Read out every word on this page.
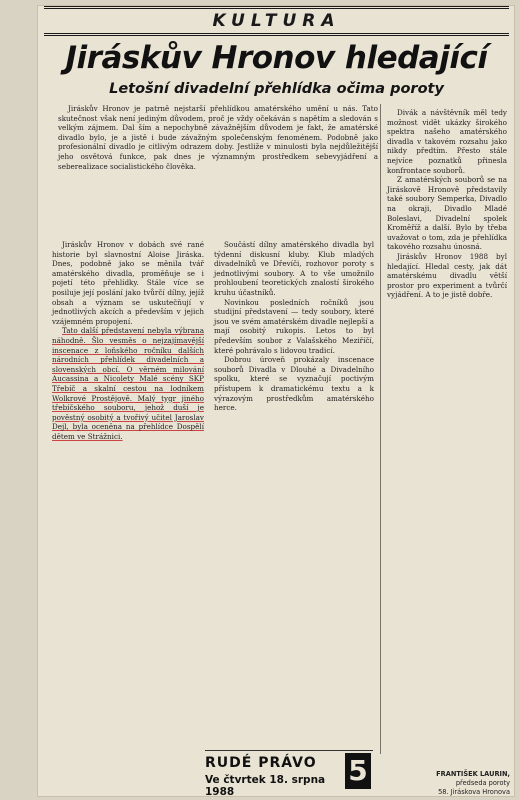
KULTURA
Jiráskův Hronov hledající
Letošní divadelní přehlídka očima poroty
Jiráskův Hronov je patrně nejstarší přehlídkou amatérského umění u nás. Tato skutečnost však není jediným důvodem, proč je vždy očekáván s napětím a sledován s velkým zájmem. Dal ším a nepochybně závažnějším důvodem je fakt, že amatérské divadlo bylo, je a jistě i bude závažným společenským fenoménem. Podobně jako profesionální divadlo je citlivým odrazem doby. Jestliže v minulosti byla nejdůležitější jeho osvětová funkce, pak dnes je významným prostředkem sebevyjádření a seberealizace socialistického člověka.

Jiráskův Hronov v dobách své rané historie byl slavnostní Aloise Jiráska. Dnes, podobně jako se měnila tvář amatérského divadla, proměňuje se i pojetí této přehlídky. Stále více se posiluje její poslání jako tvůrčí dílny, jejíž obsah a význam se uskutečňují v jednotlivých akcích a především v jejich vzájemném propojení.

Tato další představení nebyla výbrana náhodně. Šlo vesměs o nejzajímavější inscenace z loňského ročníku dalších národních přehlídek divadelních a slovenských obcí. O věrném milování Aucassina a Nicolety Malé scény SKP Třebíč a skalní cestou na lodníkem Wolkrové Prostějově. Malý tygr jiného třebíčského souboru, jehož duší je pověstný osobitý a tvořivý učitel Jaroslav Dejl, byla oceněna na přehlídce Dospělí dětem ve Strážnici.

Součástí dílny amatérského divadla byl týdenní diskusní kluby. Klub mladých divadelníků ve Dřevíči, rozhovor poroty s jednotlivými soubory. A to vše umožnilo prohloubení teoretických znalostí širokého kruhu účastníků.

Novinkou posledních ročníků jsou studijní představení — tedy soubory, které jsou ve svém amatérském divadle nejlepší a mají osobitý rukopis. Letos to byl především soubor z Valašského Meziříčí, které pohrávalo s lidovou tradicí.

Dobrou úroveň prokázaly inscenace souborů Divadla v Dlouhé a Divadelního spolku, které se vyznačují poctivým přístupem k dramatickému textu a k výrazovým prostředkům amatérského herce.

Divák a návštěvník měl tedy možnost vidět ukázky širokého spektra našeho amatérského divadla v takovém rozsahu jako nikdy předtím. Přesto stále nejvíce poznatků přinesla konfrontace souborů.

Z amatérských souborů se na Jiráskově Hronově představily také soubory Semperka, Divadlo na okraji, Divadlo Mladé Boleslavi, Divadelní spolek Kroměříž a další. Bylo by třeba uvažovat o tom, zda je přehlídka takového rozsahu únosná.

Jiráskův Hronov 1988 byl hledající. Hledal cesty, jak dát amatérskému divadlu větší prostor pro experiment a tvůrčí vyjádření. A to je jistě dobře.

RUDÉ PRÁVO
Ve čtvrtek 18. srpna 1988
5	FRANTIŠEK LAURIN,
předseda poroty
58. Jiráskova Hronova
